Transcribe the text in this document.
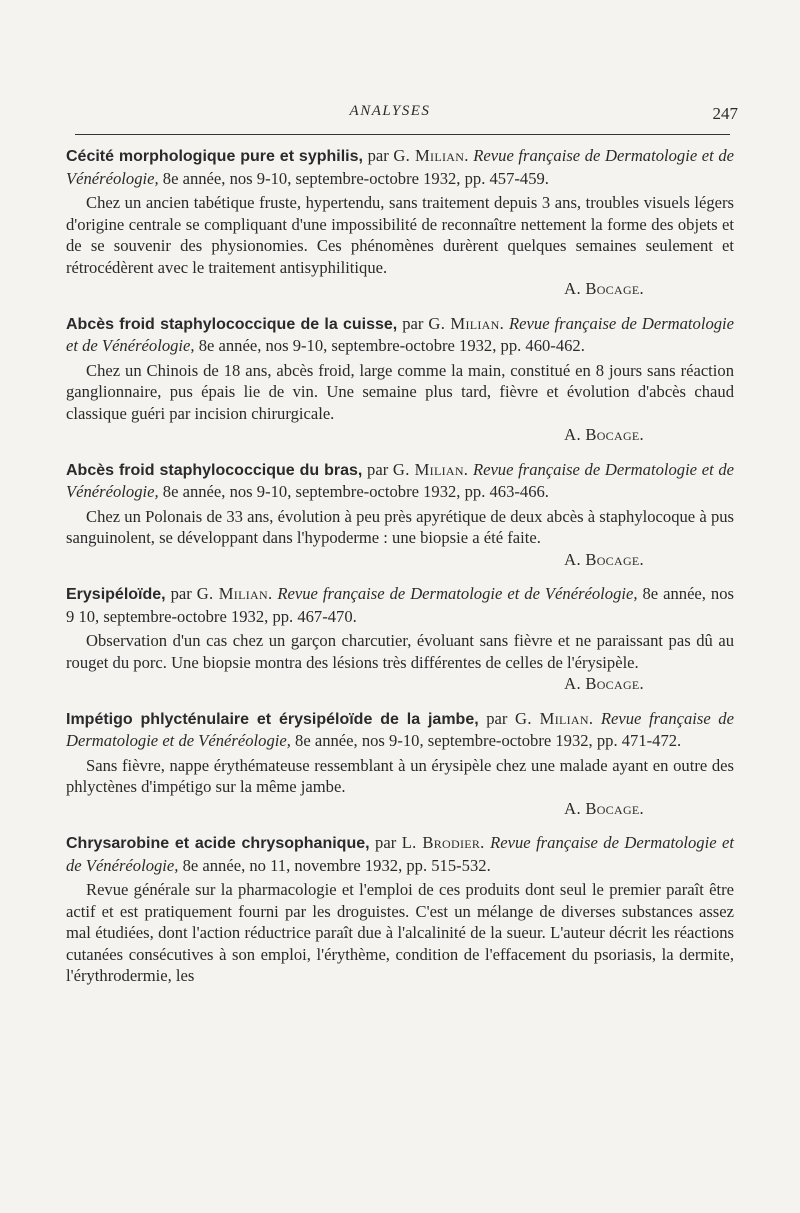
ANALYSES	247

Cécité morphologique pure et syphilis, par G. Milian. Revue française de Dermatologie et de Vénéréologie, 8e année, nos 9-10, septembre-octobre 1932, pp. 457-459.

Chez un ancien tabétique fruste, hypertendu, sans traitement depuis 3 ans, troubles visuels légers d'origine centrale se compliquant d'une impossibilité de reconnaître nettement la forme des objets et de se souvenir des physionomies. Ces phénomènes durèrent quelques semaines seulement et rétrocédèrent avec le traitement antisyphilitique.

A. Bocage.

Abcès froid staphylococcique de la cuisse, par G. Milian. Revue française de Dermatologie et de Vénéréologie, 8e année, nos 9-10, septembre-octobre 1932, pp. 460-462.

Chez un Chinois de 18 ans, abcès froid, large comme la main, constitué en 8 jours sans réaction ganglionnaire, pus épais lie de vin. Une semaine plus tard, fièvre et évolution d'abcès chaud classique guéri par incision chirurgicale.

A. Bocage.

Abcès froid staphylococcique du bras, par G. Milian. Revue française de Dermatologie et de Vénéréologie, 8e année, nos 9-10, septembre-octobre 1932, pp. 463-466.

Chez un Polonais de 33 ans, évolution à peu près apyrétique de deux abcès à staphylocoque à pus sanguinolent, se développant dans l'hypoderme : une biopsie a été faite.

A. Bocage.

Erysipéloïde, par G. Milian. Revue française de Dermatologie et de Vénéréologie, 8e année, nos 9 10, septembre-octobre 1932, pp. 467-470.

Observation d'un cas chez un garçon charcutier, évoluant sans fièvre et ne paraissant pas dû au rouget du porc. Une biopsie montra des lésions très différentes de celles de l'érysipèle.

A. Bocage.

Impétigo phlycténulaire et érysipéloïde de la jambe, par G. Milian. Revue française de Dermatologie et de Vénéréologie, 8e année, nos 9-10, septembre-octobre 1932, pp. 471-472.

Sans fièvre, nappe érythémateuse ressemblant à un érysipèle chez une malade ayant en outre des phlyctènes d'impétigo sur la même jambe.

A. Bocage.

Chrysarobine et acide chrysophanique, par L. Brodier. Revue française de Dermatologie et de Vénéréologie, 8e année, no 11, novembre 1932, pp. 515-532.

Revue générale sur la pharmacologie et l'emploi de ces produits dont seul le premier paraît être actif et est pratiquement fourni par les droguistes. C'est un mélange de diverses substances assez mal étudiées, dont l'action réductrice paraît due à l'alcalinité de la sueur. L'auteur décrit les réactions cutanées consécutives à son emploi, l'érythème, condition de l'effacement du psoriasis, la dermite, l'érythrodermie, les
